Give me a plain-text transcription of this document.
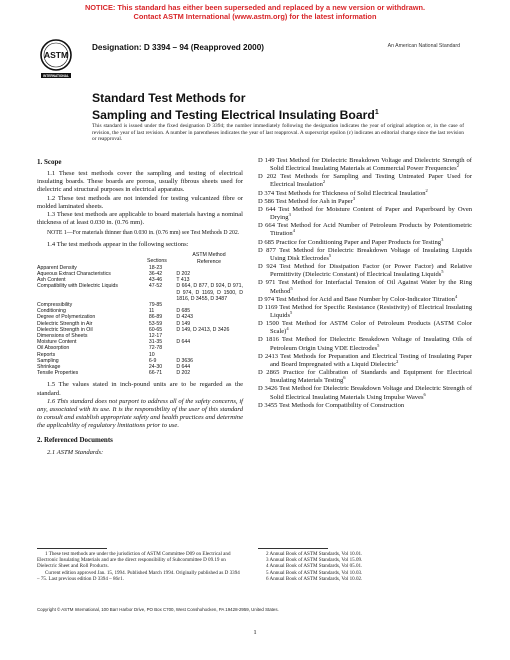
NOTICE: This standard has either been superseded and replaced by a new version or withdrawn.
Contact ASTM International (www.astm.org) for the latest information
ASTM
INTERNATIONAL
Designation: D 3394 – 94 (Reapproved 2000)	An American National Standard
Standard Test Methods for
Sampling and Testing Electrical Insulating Board$^1$
This standard is issued under the fixed designation D 3394; the number immediately following the designation indicates the year of original adoption or, in the case of revision, the year of last revision. A number in parentheses indicates the year of last reapproval. A superscript epsilon (ε) indicates an editorial change since the last revision or reapproval.
1. Scope

1.1 These test methods cover the sampling and testing of electrical insulating boards. These boards are porous, usually fibrous sheets used for dielectric and structural purposes in electrical apparatus.

1.2 These test methods are not intended for testing vulcanized fibre or molded laminated sheets.

1.3 These test methods are applicable to board materials having a nominal thickness of at least 0.030 in. (0.76 mm).

NOTE 1—For materials thinner than 0.030 in. (0.76 mm) see Test Methods D 202.

1.4 The test methods appear in the following sections:

Sections
ASTM Method
Reference
Apparent Density	18-23
Aqueous Extract Characteristics	36-42	D 202
Ash Content	43-46	T 413
Compatibility with Dielectric Liquids	47-52	D 664, D 877, D 924, D 971, D 974, D 1169, D 1500, D 1816, D 3455, D 3487
Compressibility	79-85
Conditioning	11	D 685
Degree of Polymerization	86-89	D 4243
Dielectric Strength in Air	53-59	D 149
Dielectric Strength in Oil	60-65	D 149, D 2413, D 3426
Dimensions of Sheets	12-17
Moisture Content	31-35	D 644
Oil Absorption	72-78
Reports	10
Sampling	6-9	D 3636
Shrinkage	24-30	D 644
Tensile Properties	66-71	D 202

1.5 The values stated in inch-pound units are to be regarded as the standard.

1.6 This standard does not purport to address all of the safety concerns, if any, associated with its use. It is the responsibility of the user of this standard to consult and establish appropriate safety and health practices and determine the applicability of regulatory limitations prior to use.

2. Referenced Documents

2.1 ASTM Standards:

D 149 Test Method for Dielectric Breakdown Voltage and Dielectric Strength of Solid Electrical Insulating Materials at Commercial Power Frequencies$^2$

D 202 Test Methods for Sampling and Testing Untreated Paper Used for Electrical Insulation$^2$

D 374 Test Methods for Thickness of Solid Electrical Insulation$^2$

D 586 Test Method for Ash in Paper$^3$

D 644 Test Method for Moisture Content of Paper and Paperboard by Oven Drying$^3$

D 664 Test Method for Acid Number of Petroleum Products by Potentiometric Titration$^4$

D 685 Practice for Conditioning Paper and Paper Products for Testing$^3$

D 877 Test Method for Dielectric Breakdown Voltage of Insulating Liquids Using Disk Electrodes$^5$

D 924 Test Method for Dissipation Factor (or Power Factor) and Relative Permittivity (Dielectric Constant) of Electrical Insulating Liquids$^5$

D 971 Test Method for Interfacial Tension of Oil Against Water by the Ring Method$^5$

D 974 Test Method for Acid and Base Number by Color-Indicator Titration$^4$

D 1169 Test Method for Specific Resistance (Resistivity) of Electrical Insulating Liquids$^5$

D 1500 Test Method for ASTM Color of Petroleum Products (ASTM Color Scale)$^4$

D 1816 Test Method for Dielectric Breakdown Voltage of Insulating Oils of Petroleum Origin Using VDE Electrodes$^5$

D 2413 Test Methods for Preparation and Electrical Testing of Insulating Paper and Board Impregnated with a Liquid Dielectric$^2$

D 2865 Practice for Calibration of Standards and Equipment for Electrical Insulating Materials Testing$^6$

D 3426 Test Method for Dielectric Breakdown Voltage and Dielectric Strength of Solid Electrical Insulating Materials Using Impulse Waves$^6$

D 3455 Test Methods for Compatibility of Construction

1 These test methods are under the jurisdiction of ASTM Committee D09 on Electrical and Electronic Insulating Materials and are the direct responsibility of Subcommittee D 09.19 on Dielectric Sheet and Roll Products.
Current edition approved Jan. 15, 1994. Published March 1994. Originally published as D 3394 – 75. Last previous edition D 3394 – 86ε1.
2 Annual Book of ASTM Standards, Vol 10.01.
3 Annual Book of ASTM Standards, Vol 15.09.
4 Annual Book of ASTM Standards, Vol 05.01.
5 Annual Book of ASTM Standards, Vol 10.03.
6 Annual Book of ASTM Standards, Vol 10.02.
Copyright © ASTM International, 100 Barr Harbor Drive, PO Box C700, West Conshohocken, PA 19428-2959, United States.
1
